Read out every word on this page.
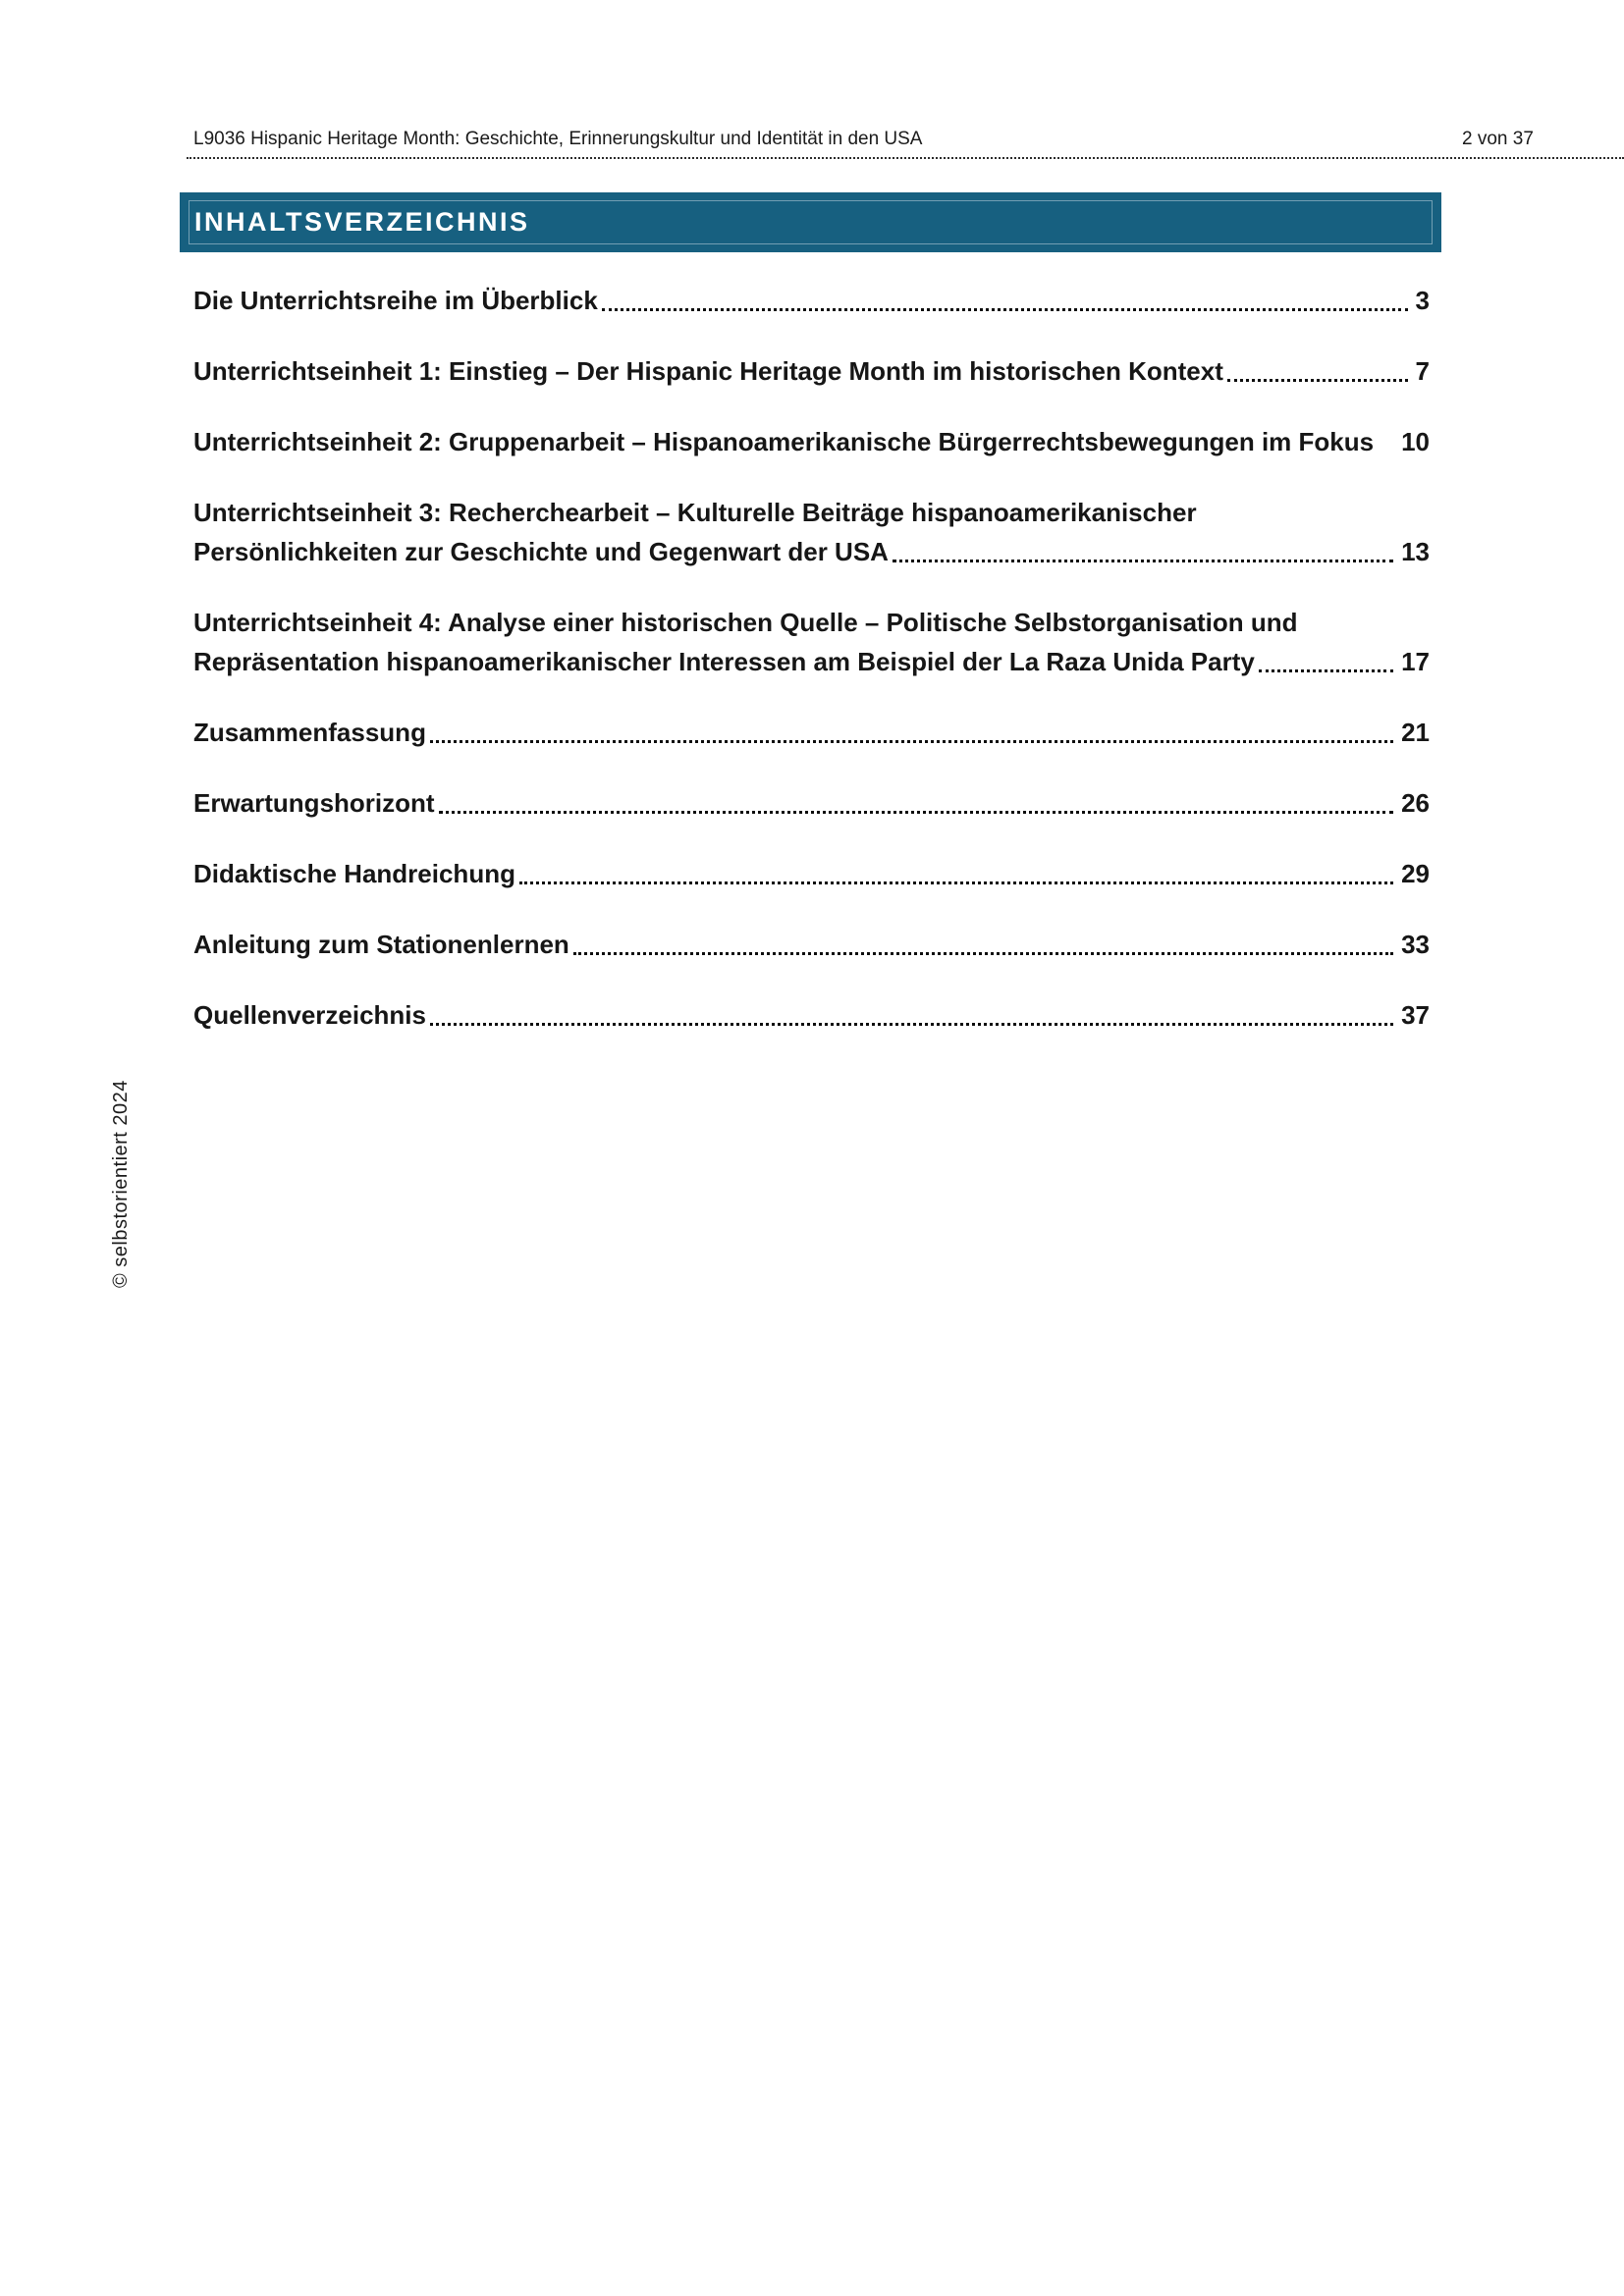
L9036 Hispanic Heritage Month: Geschichte, Erinnerungskultur und Identität in den USA	2 von 37
INHALTSVERZEICHNIS
Die Unterrichtsreihe im Überblick	3
Unterrichtseinheit 1: Einstieg – Der Hispanic Heritage Month im historischen Kontext	7
Unterrichtseinheit 2: Gruppenarbeit – Hispanoamerikanische Bürgerrechtsbewegungen im Fokus 10
Unterrichtseinheit 3: Recherchearbeit – Kulturelle Beiträge hispanoamerikanischer
Persönlichkeiten zur Geschichte und Gegenwart der USA	13
Unterrichtseinheit 4: Analyse einer historischen Quelle – Politische Selbstorganisation und
Repräsentation hispanoamerikanischer Interessen am Beispiel der La Raza Unida Party	17
Zusammenfassung	21
Erwartungshorizont	26
Didaktische Handreichung	29
Anleitung zum Stationenlernen	33
Quellenverzeichnis	37
© selbstorientiert 2024
